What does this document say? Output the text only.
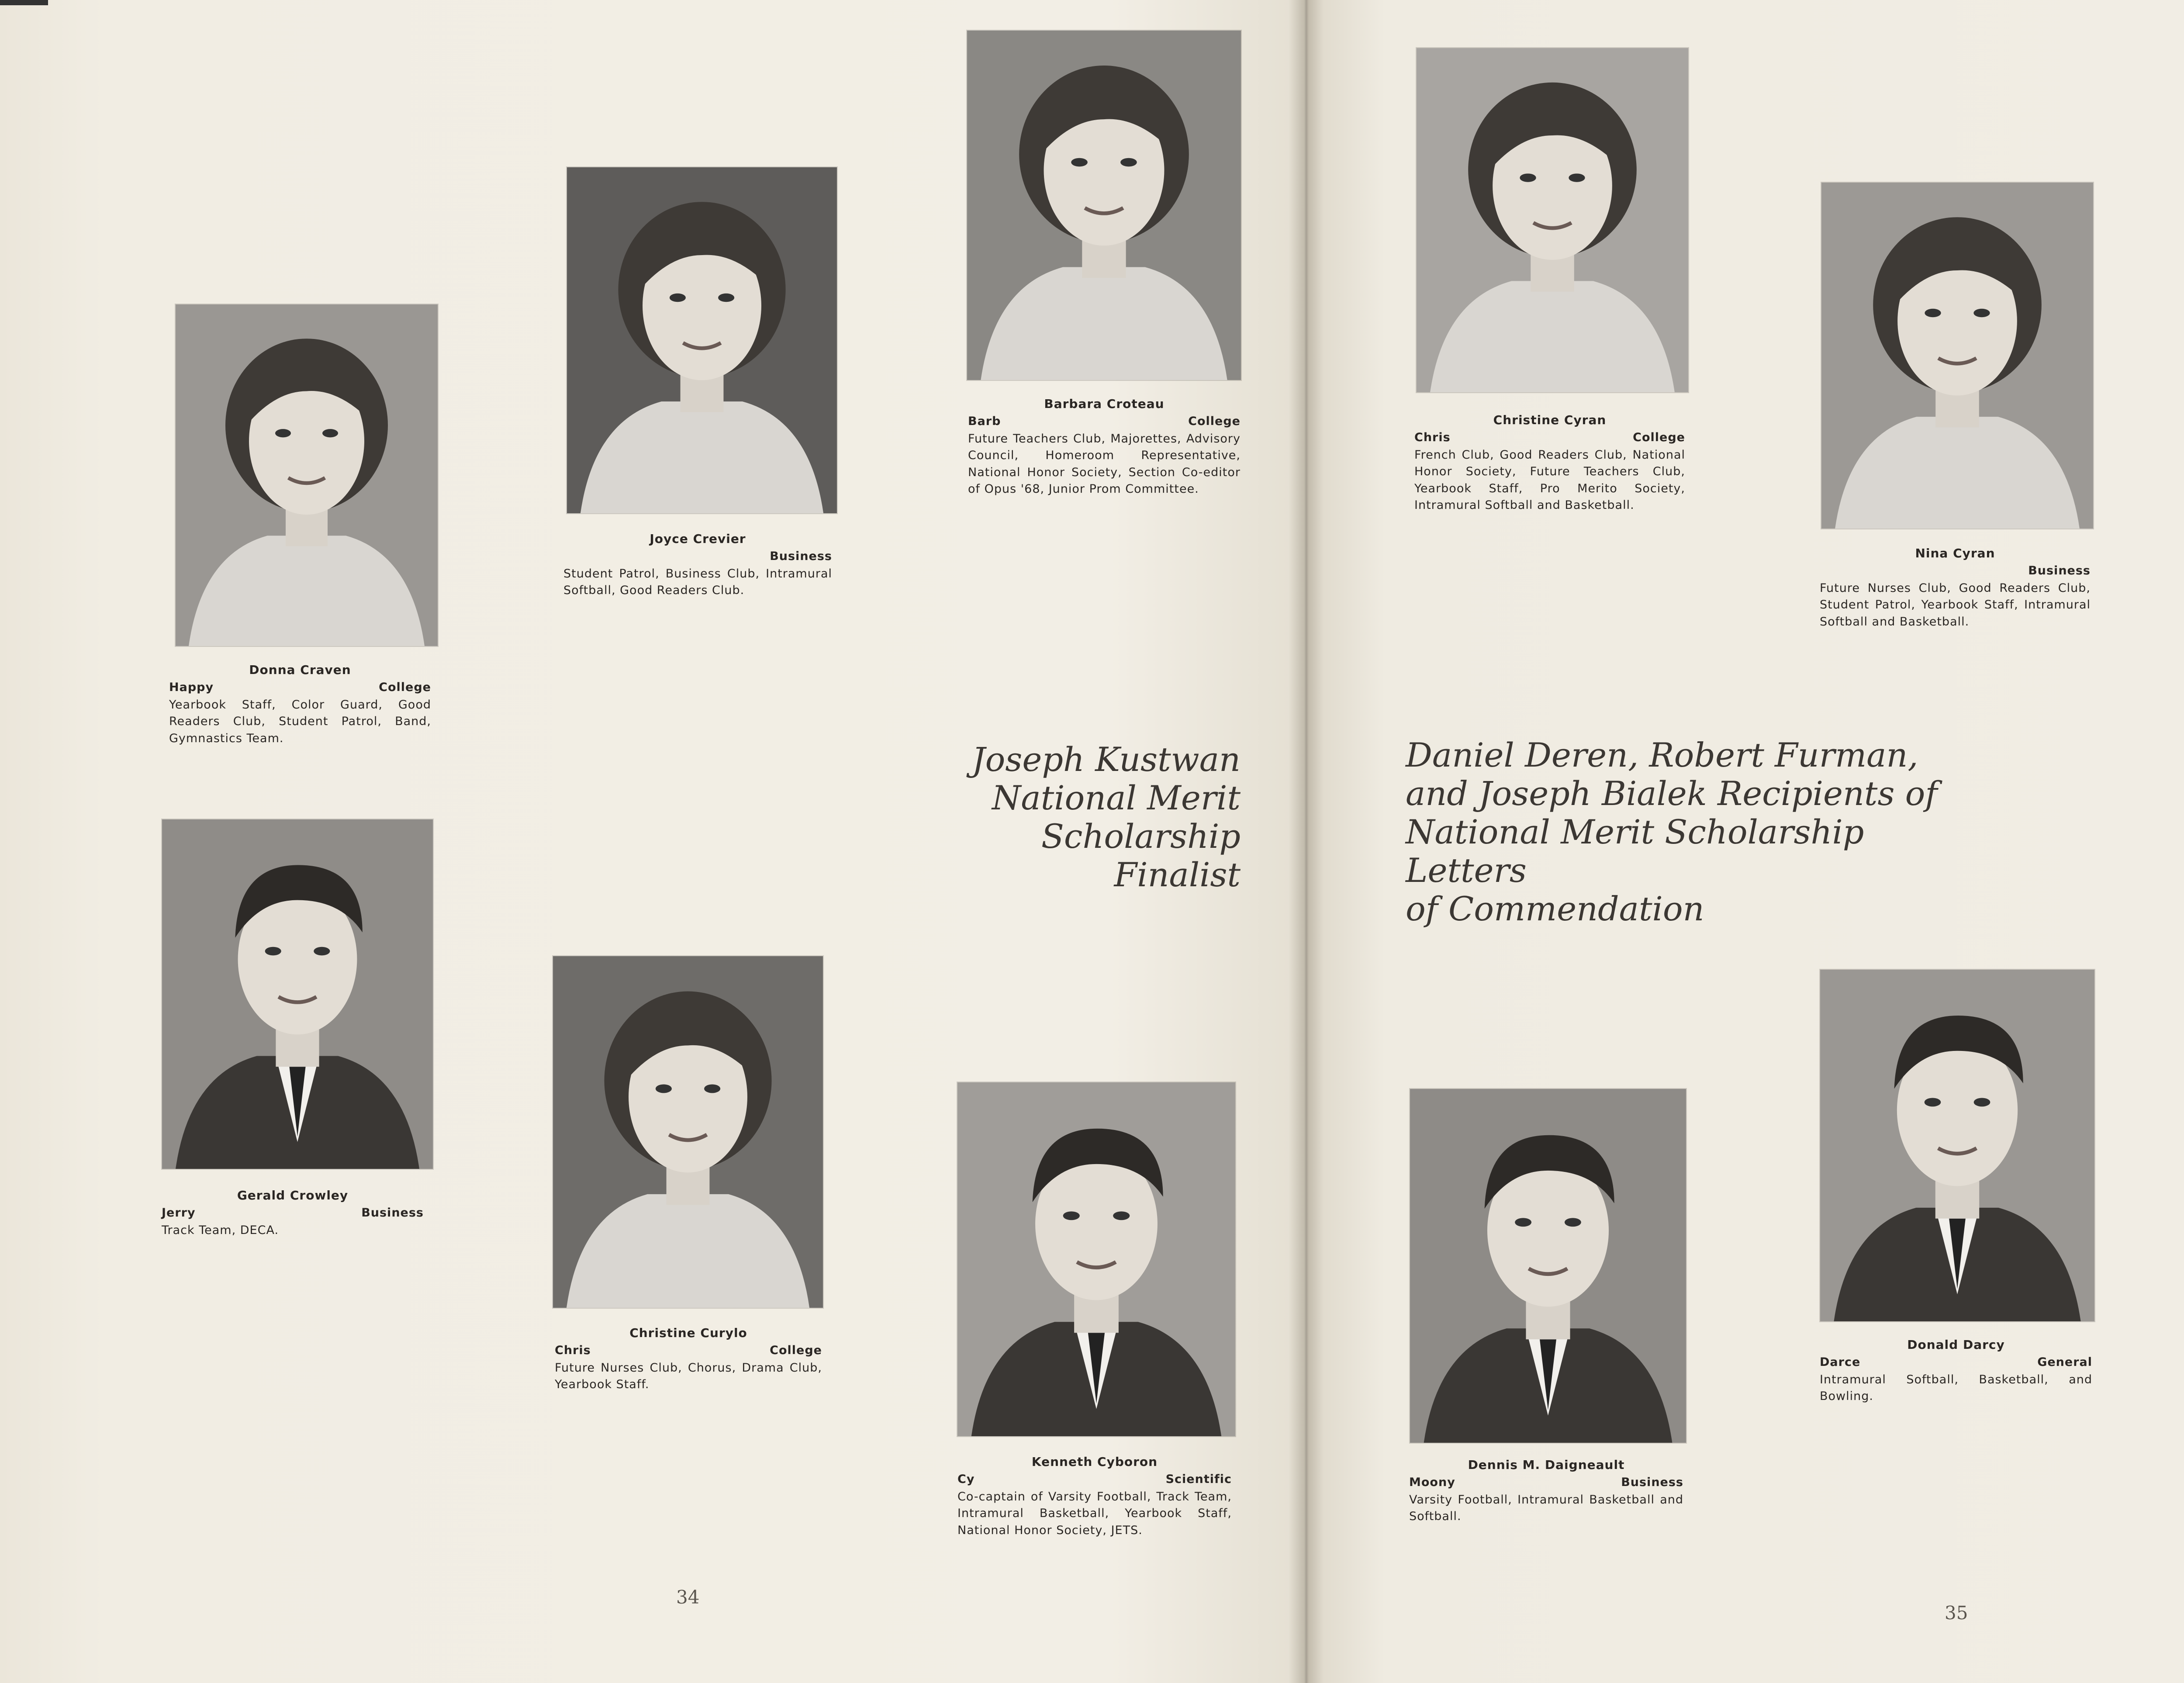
Donna Craven
Happy	College
Yearbook Staff, Color Guard, Good Readers Club, Student Patrol, Band, Gymnastics Team.
Joyce Crevier
Business
Student Patrol, Business Club, Intramural Softball, Good Readers Club.
Barbara Croteau
Barb	College
Future Teachers Club, Majorettes, Advisory Council, Homeroom Representative, National Honor Society, Section Co-editor of Opus '68, Junior Prom Committee.
Gerald Crowley
Jerry	Business
Track Team, DECA.
Christine Curylo
Chris	College
Future Nurses Club, Chorus, Drama Club, Yearbook Staff.
Kenneth Cyboron
Cy	Scientific
Co-captain of Varsity Football, Track Team, Intramural Basketball, Yearbook Staff, National Honor Society, JETS.
Christine Cyran
Chris	College
French Club, Good Readers Club, National Honor Society, Future Teachers Club, Yearbook Staff, Pro Merito Society, Intramural Softball and Basketball.
Nina Cyran
Business
Future Nurses Club, Good Readers Club, Student Patrol, Yearbook Staff, Intramural Softball and Basketball.
Dennis M. Daigneault
Moony	Business
Varsity Football, Intramural Basketball and Softball.
Donald Darcy
Darce	General
Intramural Softball, Basketball, and Bowling.
Joseph Kustwan
National Merit Scholarship
Finalist
Daniel Deren, Robert Furman,
and Joseph Bialek Recipients of
National Merit Scholarship Letters
of Commendation
34
35
